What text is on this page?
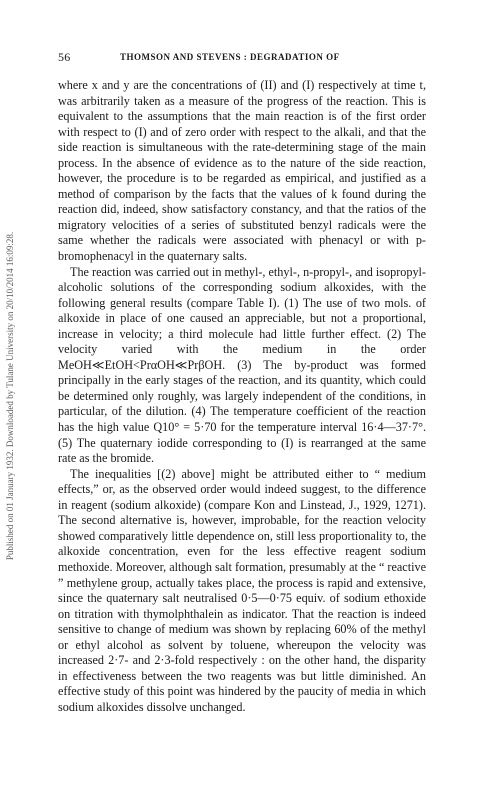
Published on 01 January 1932. Downloaded by Tulane University on 20/10/2014 16:09:28.
56	THOMSON AND STEVENS : DEGRADATION OF

where x and y are the concentrations of (II) and (I) respectively at time t, was arbitrarily taken as a measure of the progress of the reaction. This is equivalent to the assumptions that the main reaction is of the first order with respect to (I) and of zero order with respect to the alkali, and that the side reaction is simultaneous with the rate-determining stage of the main process. In the absence of evidence as to the nature of the side reaction, however, the procedure is to be regarded as empirical, and justified as a method of comparison by the facts that the values of k found during the reaction did, indeed, show satisfactory constancy, and that the ratios of the migratory velocities of a series of substituted benzyl radicals were the same whether the radicals were associated with phenacyl or with p-bromophenacyl in the quaternary salts.

The reaction was carried out in methyl-, ethyl-, n-propyl-, and isopropyl-alcoholic solutions of the corresponding sodium alkoxides, with the following general results (compare Table I). (1) The use of two mols. of alkoxide in place of one caused an appreciable, but not a proportional, increase in velocity; a third molecule had little further effect. (2) The velocity varied with the medium in the order MeOH≪EtOH<PrαOH≪PrβOH. (3) The by-product was formed principally in the early stages of the reaction, and its quantity, which could be determined only roughly, was largely independent of the conditions, in particular, of the dilution. (4) The temperature coefficient of the reaction has the high value Q10° = 5·70 for the temperature interval 16·4—37·7°. (5) The quaternary iodide corresponding to (I) is rearranged at the same rate as the bromide.

The inequalities [(2) above] might be attributed either to “ medium effects,” or, as the observed order would indeed suggest, to the difference in reagent (sodium alkoxide) (compare Kon and Linstead, J., 1929, 1271). The second alternative is, however, improbable, for the reaction velocity showed comparatively little dependence on, still less proportionality to, the alkoxide concentration, even for the less effective reagent sodium methoxide. Moreover, although salt formation, presumably at the “ reactive ” methylene group, actually takes place, the process is rapid and extensive, since the quaternary salt neutralised 0·5—0·75 equiv. of sodium ethoxide on titration with thymolphthalein as indicator. That the reaction is indeed sensitive to change of medium was shown by replacing 60% of the methyl or ethyl alcohol as solvent by toluene, whereupon the velocity was increased 2·7- and 2·3-fold respectively : on the other hand, the disparity in effectiveness between the two reagents was but little diminished. An effective study of this point was hindered by the paucity of media in which sodium alkoxides dissolve unchanged.
